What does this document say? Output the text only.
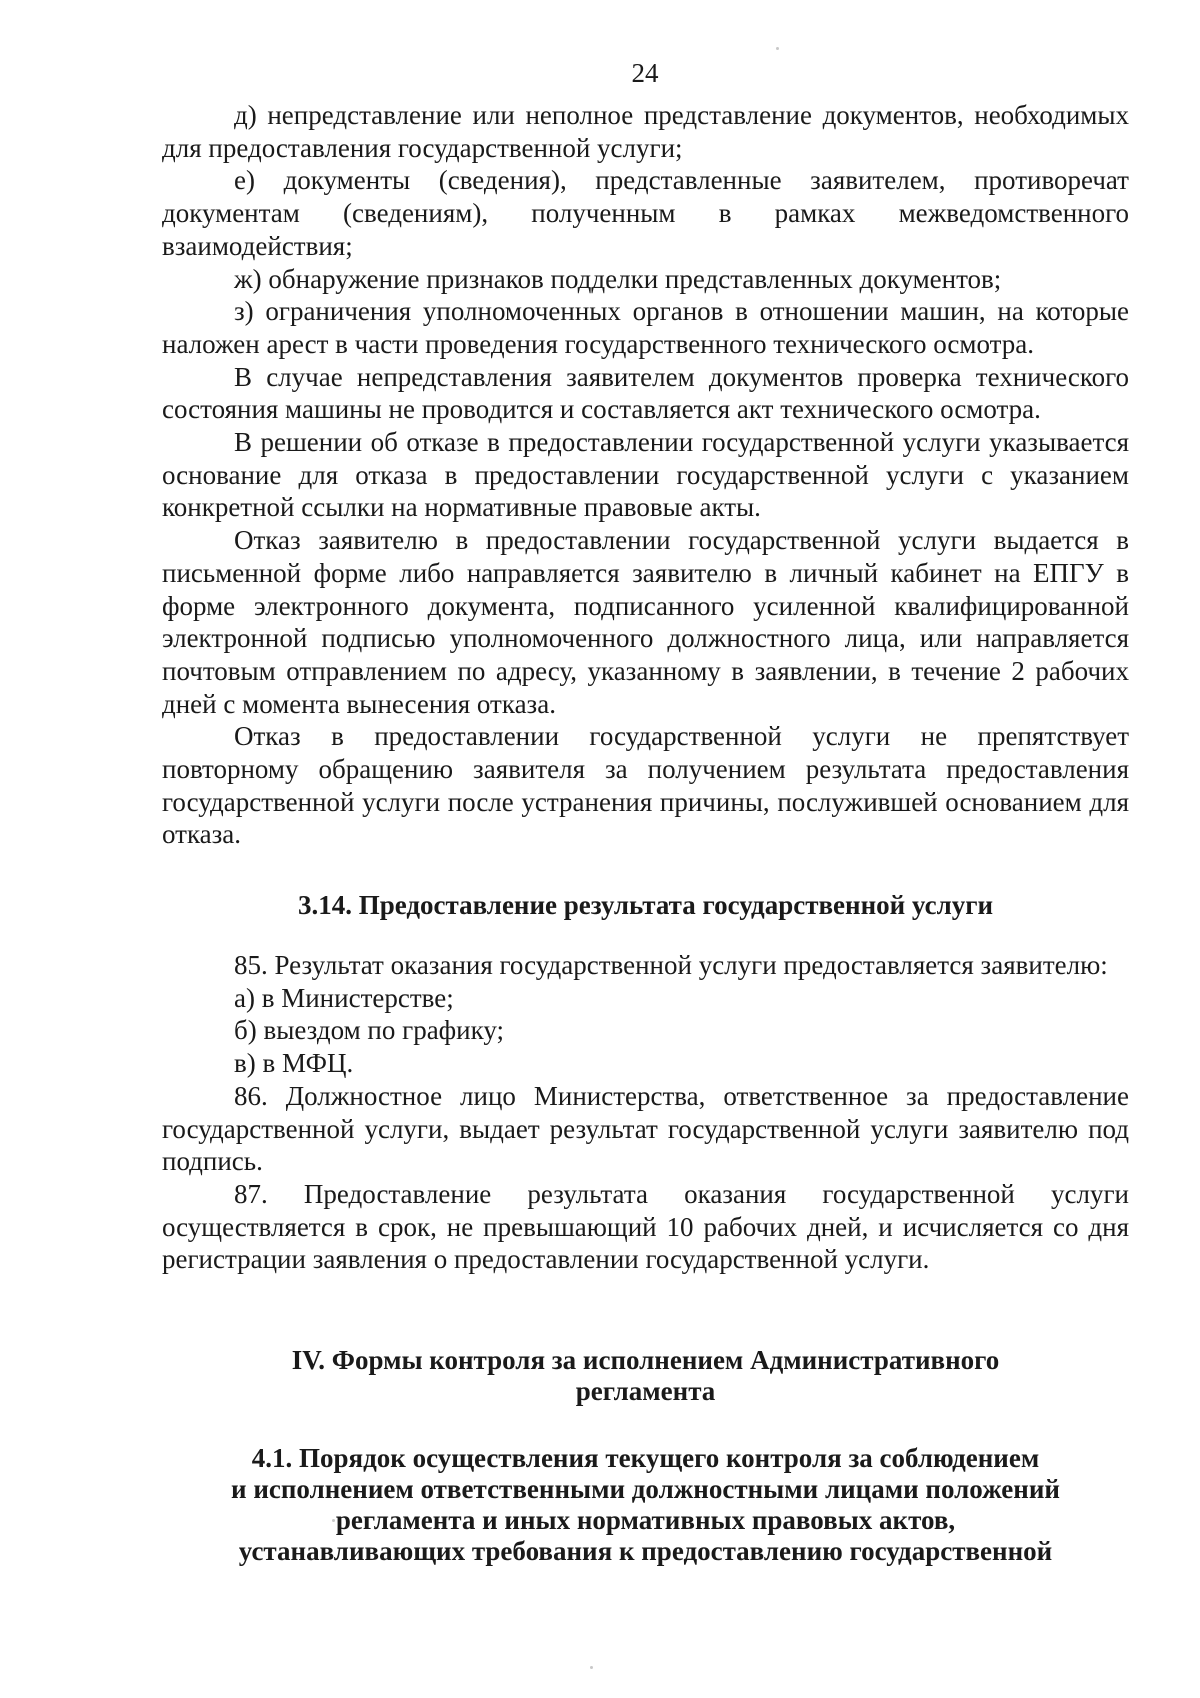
24

д) непредставление или неполное представление документов, необходимых для предоставления государственной услуги;

е) документы (сведения), представленные заявителем, противоречат документам (сведениям), полученным в рамках межведомственного взаимодействия;

ж) обнаружение признаков подделки представленных документов;

з) ограничения уполномоченных органов в отношении машин, на которые наложен арест в части проведения государственного технического осмотра.

В случае непредставления заявителем документов проверка технического состояния машины не проводится и составляется акт технического осмотра.

В решении об отказе в предоставлении государственной услуги указывается основание для отказа в предоставлении государственной услуги с указанием конкретной ссылки на нормативные правовые акты.

Отказ заявителю в предоставлении государственной услуги выдается в письменной форме либо направляется заявителю в личный кабинет на ЕПГУ в форме электронного документа, подписанного усиленной квалифицированной электронной подписью уполномоченного должностного лица, или направляется почтовым отправлением по адресу, указанному в заявлении, в течение 2 рабочих дней с момента вынесения отказа.

Отказ в предоставлении государственной услуги не препятствует повторному обращению заявителя за получением результата предоставления государственной услуги после устранения причины, послужившей основанием для отказа.

3.14. Предоставление результата государственной услуги

85. Результат оказания государственной услуги предоставляется заявителю:

а) в Министерстве;

б) выездом по графику;

в) в МФЦ.

86. Должностное лицо Министерства, ответственное за предоставление государственной услуги, выдает результат государственной услуги заявителю под подпись.

87. Предоставление результата оказания государственной услуги осуществляется в срок, не превышающий 10 рабочих дней, и исчисляется со дня регистрации заявления о предоставлении государственной услуги.

IV. Формы контроля за исполнением Административного
регламента
4.1. Порядок осуществления текущего контроля за соблюдением
и исполнением ответственными должностными лицами положений
регламента и иных нормативных правовых актов,
устанавливающих требования к предоставлению государственной
